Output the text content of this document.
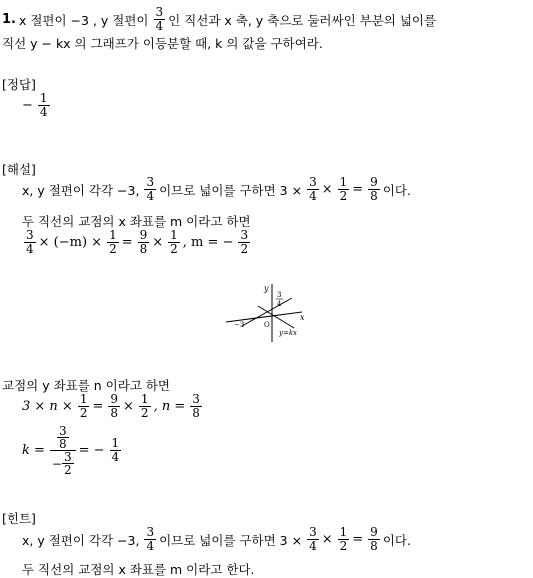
1. x 절편이 −3 , y 절편이 $\frac{3}{4}$ 인 직선과 x 축, y 축으로 둘러싸인 부분의 넓이를
직선 y − kx 의 그래프가 이등분할 때, k 의 값을 구하여라.
[정답]
− $\frac{1}{4}$
[해설]
x, y 절편이 각각 −3, $\frac{3}{4}$ 이므로 넓이를 구하면 $3 \times \frac{3}{4} \times \frac{1}{2} = \frac{9}{8}$ 이다.
두 직선의 교점의 x 좌표를 m 이라고 하면
$\frac{3}{4} \times (-m) \times \frac{1}{2} = \frac{9}{8} \times \frac{1}{2}$ , m = − $\frac{3}{2}$
y
3
4
x
−3	O
y=kx
교점의 y 좌표를 n 이라고 하면
$3 \times n \times \frac{1}{2} = \frac{9}{8} \times \frac{1}{2}$ , $n = \frac{3}{8}$
k = 3
8
− $\frac{3}{2}$ = − $\frac{1}{4}$
[힌트]
x, y 절편이 각각 −3, $\frac{3}{4}$ 이므로 넓이를 구하면 $3 \times \frac{3}{4} \times \frac{1}{2} = \frac{9}{8}$ 이다.
두 직선의 교점의 x 좌표를 m 이라고 한다.
